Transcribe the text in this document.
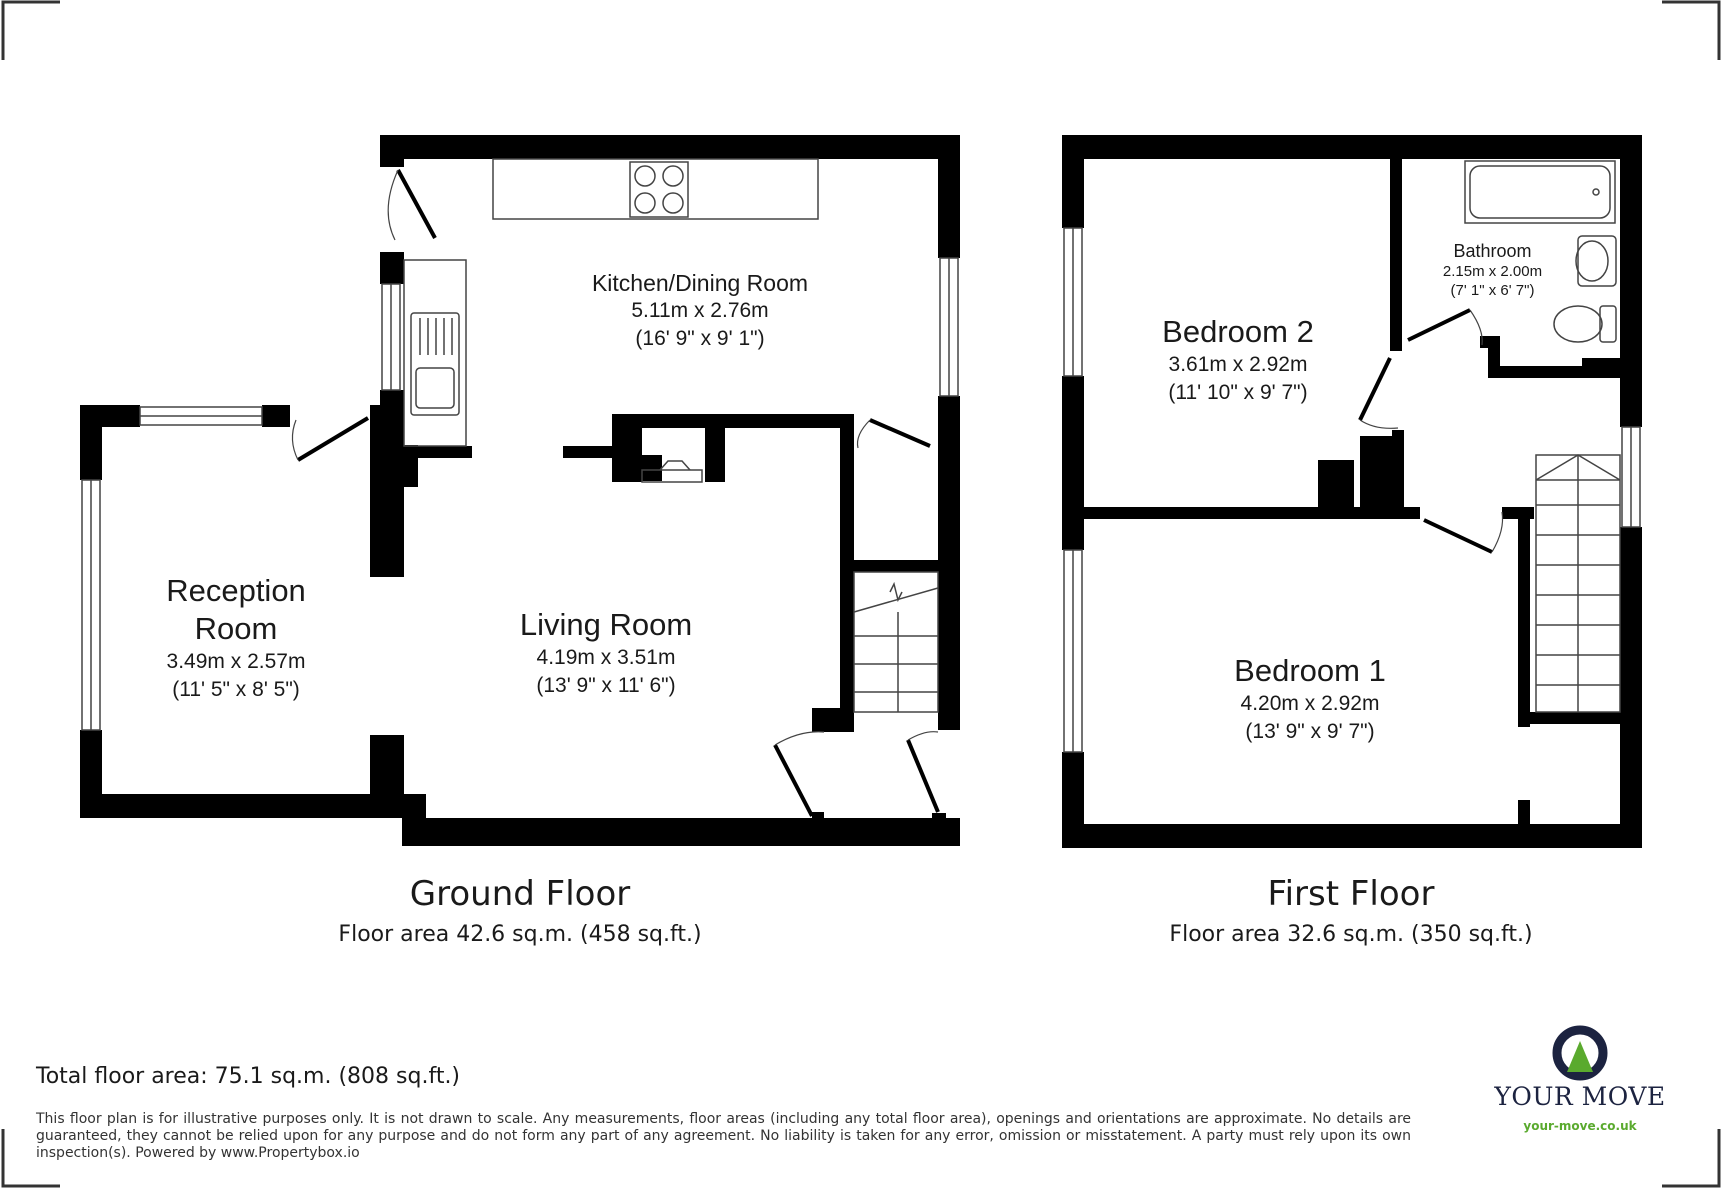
Kitchen/Dining Room
5.11m x 2.76m
(16' 9" x 9' 1")
Reception
Room
3.49m x 2.57m
(11' 5" x 8' 5")
Living Room
4.19m x 3.51m
(13' 9" x 11' 6")
Bedroom 2
3.61m x 2.92m
(11' 10" x 9' 7")
Bathroom
2.15m x 2.00m
(7' 1" x 6' 7")
Bedroom 1
4.20m x 2.92m
(13' 9" x 9' 7")
Ground Floor
Floor area 42.6 sq.m. (458 sq.ft.)
First Floor
Floor area 32.6 sq.m. (350 sq.ft.)
Total floor area: 75.1 sq.m. (808 sq.ft.)
This floor plan is for illustrative purposes only. It is not drawn to scale. Any measurements, floor areas (including any total floor area), openings and orientations are approximate. No details are guaranteed, they cannot be relied upon for any purpose and do not form any part of any agreement. No liability is taken for any error, omission or misstatement. A party must rely upon its own inspection(s). Powered by www.Propertybox.io
YOUR MOVE
your-move.co.uk
